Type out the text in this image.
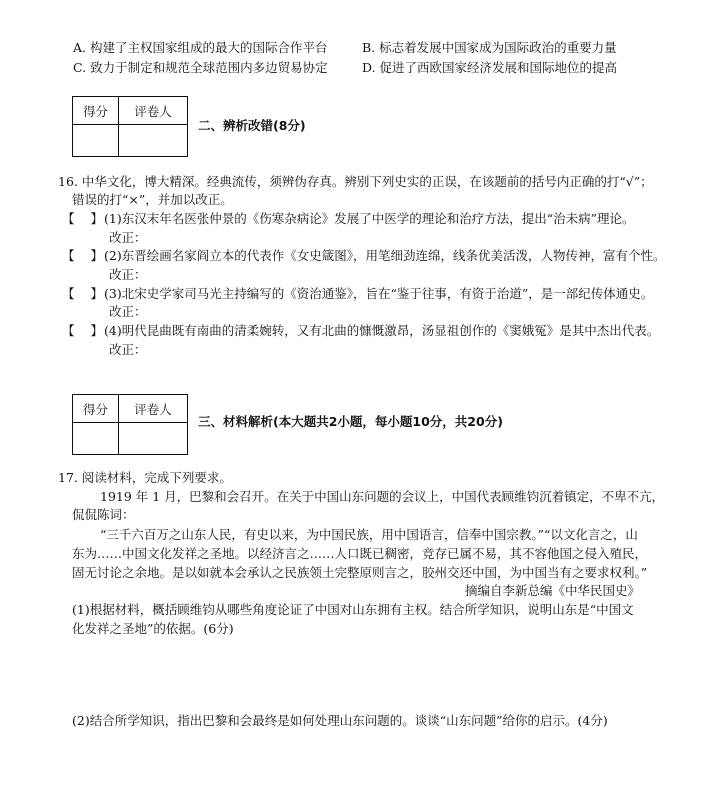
A. 构建了主权国家组成的最大的国际合作平台	B. 标志着发展中国家成为国际政治的重要力量
C. 致力于制定和规范全球范围内多边贸易协定	D. 促进了西欧国家经济发展和国际地位的提高
得分	评卷人

二、辨析改错(8分)
16. 中华文化，博大精深。经典流传，须辨伪存真。辨别下列史实的正误，在该题前的括号内正确的打“√”；
错误的打“×”，并加以改正。
【 】 (1)东汉末年名医张仲景的《伤寒杂病论》发展了中医学的理论和治疗方法，提出“治未病”理论。
改正：
【 】 (2)东晋绘画名家阎立本的代表作《女史箴图》，用笔细劲连绵，线条优美活泼，人物传神，富有个性。
改正：
【 】 (3)北宋史学家司马光主持编写的《资治通鉴》，旨在“鉴于往事，有资于治道”，是一部纪传体通史。
改正：
【 】 (4)明代昆曲既有南曲的清柔婉转，又有北曲的慷慨激昂，汤显祖创作的《窦娥冤》是其中杰出代表。
改正：
得分	评卷人

三、材料解析(本大题共2小题，每小题10分，共20分)
17. 阅读材料，完成下列要求。
1919 年 1 月，巴黎和会召开。在关于中国山东问题的会议上，中国代表顾维钧沉着镇定，不卑不亢，
侃侃陈词：
“三千六百万之山东人民，有史以来，为中国民族，用中国语言，信奉中国宗教。”“以文化言之，山
东为……中国文化发祥之圣地。以经济言之……人口既已稠密，竞存已属不易，其不容他国之侵入殖民，
固无讨论之余地。是以如就本会承认之民族领土完整原则言之，胶州交还中国，为中国当有之要求权利。”
摘编自李新总编《中华民国史》
(1)根据材料，概括顾维钧从哪些角度论证了中国对山东拥有主权。结合所学知识，说明山东是“中国文
化发祥之圣地”的依据。(6分)
(2)结合所学知识，指出巴黎和会最终是如何处理山东问题的。谈谈“山东问题”给你的启示。(4分)
